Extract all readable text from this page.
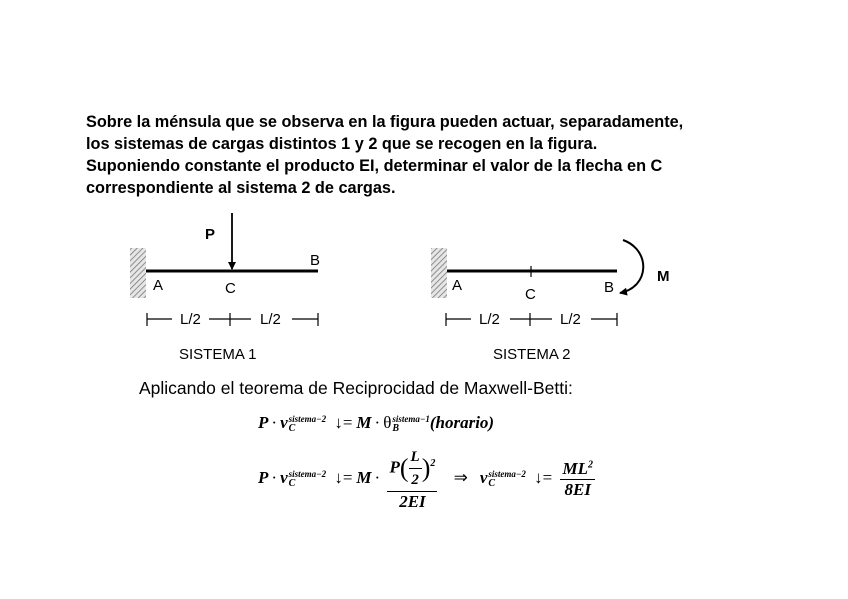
Sobre la ménsula que se observa en la figura pueden actuar, separadamente,
los sistemas de cargas distintos 1 y 2 que se recogen en la figura.
Suponiendo constante el producto EI, determinar el valor de la flecha en C
correspondiente al sistema 2 de cargas.
P
A	C
B
L/2	L/2
SISTEMA 1
M
A
C	B
L/2	L/2
SISTEMA 2
Aplicando el teorema de Reciprocidad de Maxwell-Betti:
P · v sistema−2
C	↓= M · θ sistema−1
B	(horario)
P · v sistema−2
C	↓= $M \cdot \frac{P( \frac{L}{2} )^2}{2EI}$ ⇒ v sistema−2
C	↓= $\frac{ML^2}{8EI}$
